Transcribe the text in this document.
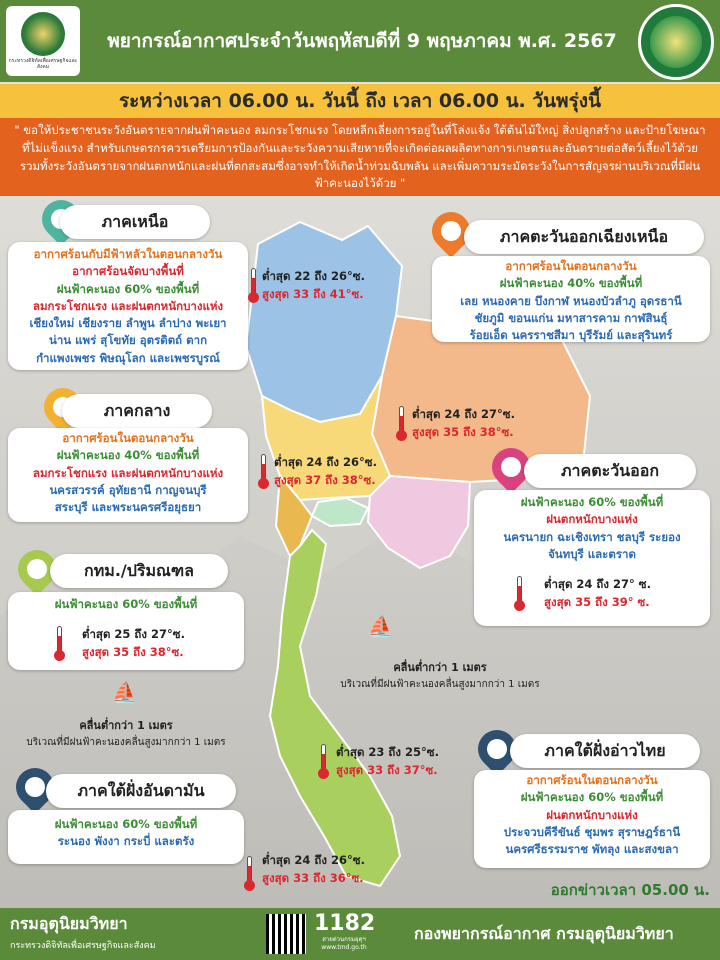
กระทรวงดิจิทัลเพื่อเศรษฐกิจและสังคม
พยากรณ์อากาศประจำวันพฤหัสบดีที่ 9 พฤษภาคม พ.ศ. 2567
ระหว่างเวลา 06.00 น. วันนี้ ถึง เวลา 06.00 น. วันพรุ่งนี้
" ขอให้ประชาชนระวังอันตรายจากฝนฟ้าคะนอง ลมกระโชกแรง โดยหลีกเลี่ยงการอยู่ในที่โล่งแจ้ง ใต้ต้นไม้ใหญ่ สิ่งปลูกสร้าง และป้ายโฆษณาที่ไม่แข็งแรง สำหรับเกษตรกรควรเตรียมการป้องกันและระวังความเสียหายที่จะเกิดต่อผลผลิตทางการเกษตรและอันตรายต่อสัตว์เลี้ยงไว้ด้วย รวมทั้งระวังอันตรายจากฝนตกหนักและฝนที่ตกสะสมซึ่งอาจทำให้เกิดน้ำท่วมฉับพลัน และเพิ่มความระมัดระวังในการสัญจรผ่านบริเวณที่มีฝนฟ้าคะนองไว้ด้วย "
ภาคเหนือ
อากาศร้อนกับมีฟ้าหลัวในตอนกลางวัน
อากาศร้อนจัดบางพื้นที่
ฝนฟ้าคะนอง 60% ของพื้นที่
ลมกระโชกแรง และฝนตกหนักบางแห่ง
เชียงใหม่ เชียงราย ลำพูน ลำปาง พะเยา
น่าน แพร่ สุโขทัย อุตรดิตถ์ ตาก
กำแพงเพชร พิษณุโลก และเพชรบูรณ์
ต่ำสุด 22 ถึง 26°ซ.
สูงสุด 33 ถึง 41°ซ.
ภาคตะวันออกเฉียงเหนือ
อากาศร้อนในตอนกลางวัน
ฝนฟ้าคะนอง 40% ของพื้นที่
เลย หนองคาย บึงกาฬ หนองบัวลำภู อุดรธานี
ชัยภูมิ ขอนแก่น มหาสารคาม กาฬสินธุ์
ร้อยเอ็ด นครราชสีมา บุรีรัมย์ และสุรินทร์
ต่ำสุด 24 ถึง 27°ซ.
สูงสุด 35 ถึง 38°ซ.
ภาคกลาง
อากาศร้อนในตอนกลางวัน
ฝนฟ้าคะนอง 40% ของพื้นที่
ลมกระโชกแรง และฝนตกหนักบางแห่ง
นครสวรรค์ อุทัยธานี กาญจนบุรี
สระบุรี และพระนครศรีอยุธยา
ต่ำสุด 24 ถึง 26°ซ.
สูงสุด 37 ถึง 38°ซ.
ภาคตะวันออก
ฝนฟ้าคะนอง 60% ของพื้นที่
ฝนตกหนักบางแห่ง
นครนายก ฉะเชิงเทรา ชลบุรี ระยอง
จันทบุรี และตราด
ต่ำสุด 24 ถึง 27° ซ.
สูงสุด 35 ถึง 39° ซ.
กทม./ปริมณฑล
ฝนฟ้าคะนอง 60% ของพื้นที่
ต่ำสุด 25 ถึง 27°ซ.
สูงสุด 35 ถึง 38°ซ.
⛵
คลื่นต่ำกว่า 1 เมตร
บริเวณที่มีฝนฟ้าคะนองคลื่นสูงมากกว่า 1 เมตร
⛵
คลื่นต่ำกว่า 1 เมตร
บริเวณที่มีฝนฟ้าคะนองคลื่นสูงมากกว่า 1 เมตร
ต่ำสุด 23 ถึง 25°ซ.
สูงสุด 33 ถึง 37°ซ.
ภาคใต้ฝั่งอ่าวไทย
อากาศร้อนในตอนกลางวัน
ฝนฟ้าคะนอง 60% ของพื้นที่
ฝนตกหนักบางแห่ง
ประจวบคีรีขันธ์ ชุมพร สุราษฎร์ธานี
นครศรีธรรมราช พัทลุง และสงขลา
ภาคใต้ฝั่งอันดามัน
ฝนฟ้าคะนอง 60% ของพื้นที่
ระนอง พังงา กระบี่ และตรัง
ต่ำสุด 24 ถึง 26°ซ.
สูงสุด 33 ถึง 36°ซ.
ออกข่าวเวลา 05.00 น.
กรมอุตุนิยมวิทยา
กระทรวงดิจิทัลเพื่อเศรษฐกิจและสังคม
1182
สายด่วนกรมอุตุฯ
www.tmd.go.th
กองพยากรณ์อากาศ กรมอุตุนิยมวิทยา
